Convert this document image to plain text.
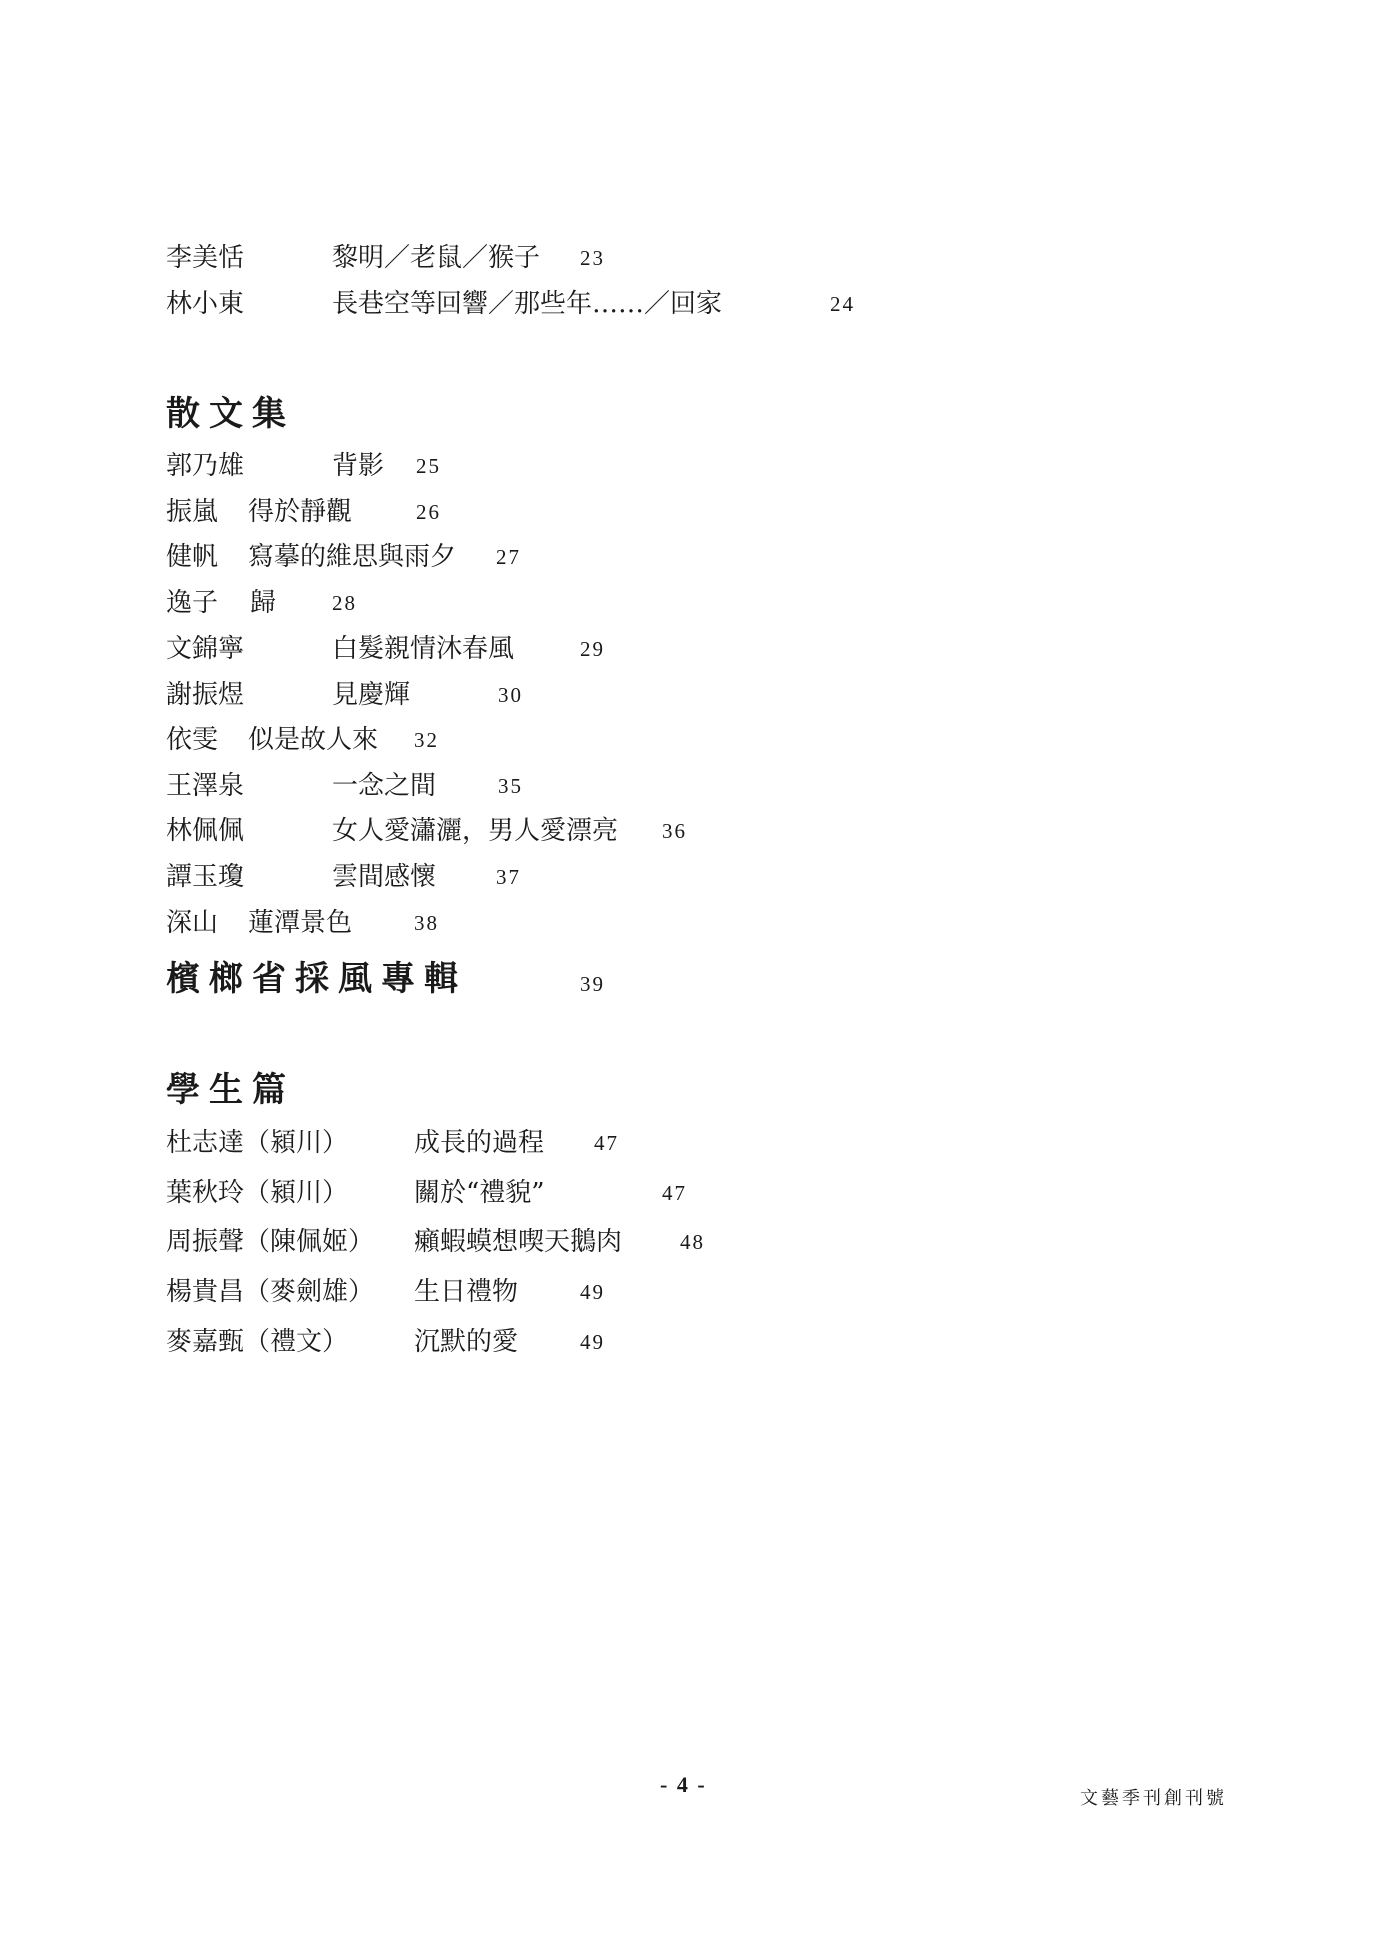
李美恬	黎明／老鼠／猴子 23
林小東	長巷空等回響／那些年……／回家	24
散文集
郭乃雄	背影 25
振嵐 得於靜觀	26
健帆 寫摹的維思與雨夕 27
逸子 歸	28
文錦寧	白髮親情沐春風	29
謝振煜	見慶輝	30
依雯 似是故人來 32
王澤泉	一念之間	35
林佩佩	女人愛瀟灑，男人愛漂亮 36
譚玉瓊	雲間感懷	37
深山 蓮潭景色	38
檳榔省採風專輯	39
學生篇
杜志達（潁川）	成長的過程 47
葉秋玲（潁川）	關於“禮貌”	47
周振聲（陳佩姬） 癩蝦蟆想喫天鵝肉	48
楊貴昌（麥劍雄） 生日禮物	49
麥嘉甄（禮文）	沉默的愛	49
- 4 -
文藝季刊創刊號
